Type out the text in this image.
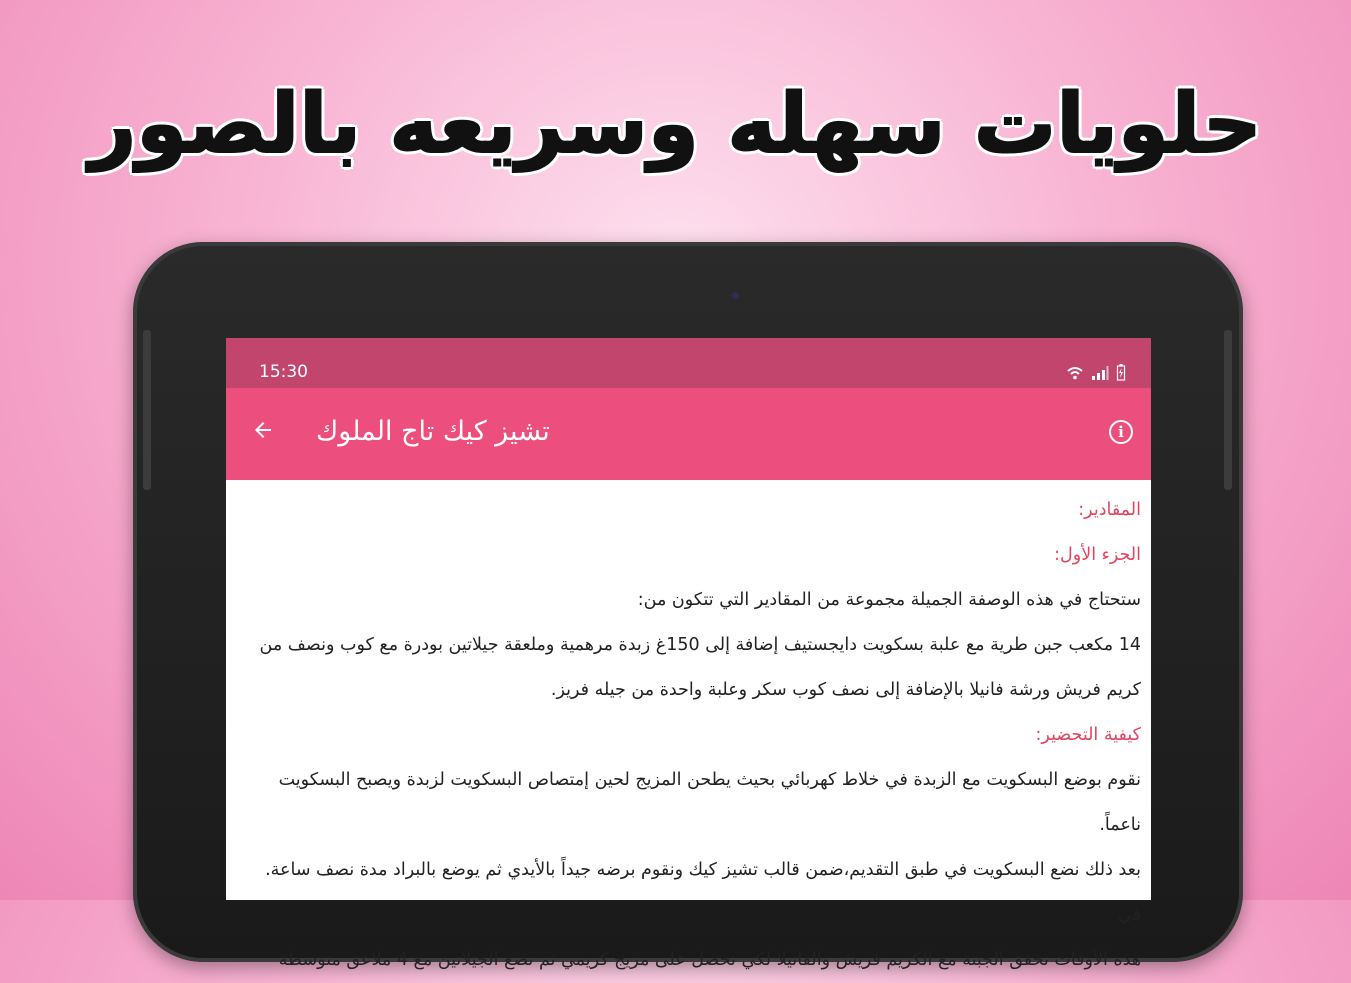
حلويات سهله وسريعه بالصور
15:30
تشيز كيك تاج الملوك	i

المقادير:

الجزء الأول:

ستحتاج في هذه الوصفة الجميلة مجموعة من المقادير التي تتكون من:

14 مكعب جبن طرية مع علبة بسكويت دايجستيف إضافة إلى 150غ زبدة مرهمية وملعقة جيلاتين بودرة مع كوب ونصف من

كريم فريش ورشة فانيلا بالإضافة إلى نصف كوب سكر وعلبة واحدة من جيله فريز.

كيفية التحضير:

نقوم بوضع البسكويت مع الزبدة في خلاط كهربائي بحيث يطحن المزيج لحين إمتصاص البسكويت لزبدة ويصبح البسكويت

ناعماً.

بعد ذلك نضع البسكويت في طبق التقديم،ضمن قالب تشيز كيك ونقوم برضه جيداً بالأيدي ثم يوضع بالبراد مدة نصف ساعة. في

هذه الأوقات نخفق الجبنة مع الكريم فريش والفانيلا لكي نحصل على مزيج كريمي ثم نضع الجيلاتين مع 4 ملاعق متوسطة
